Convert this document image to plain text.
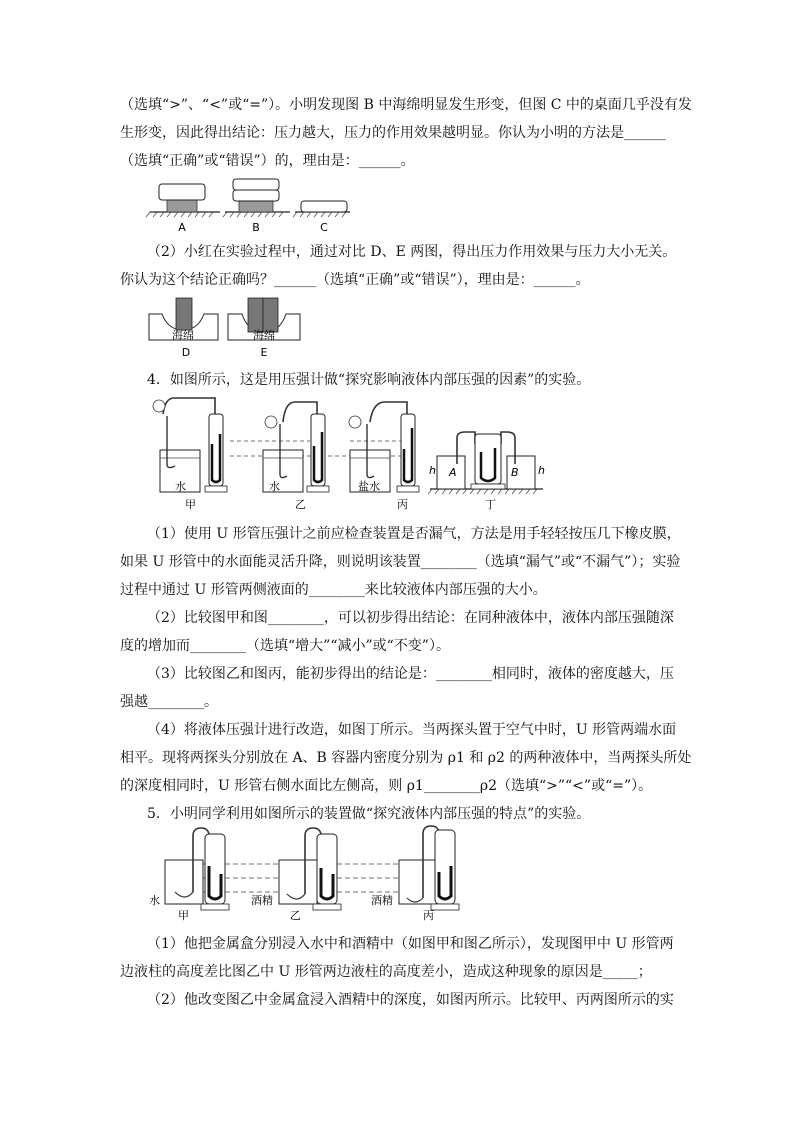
（选填“>”、“<”或“=”）。小明发现图 B 中海绵明显发生形变，但图 C 中的桌面几乎没有发
生形变，因此得出结论：压力越大，压力的作用效果越明显。你认为小明的方法是______
（选填“正确”或“错误”）的，理由是：______。
A	B	C
（2）小红在实验过程中，通过对比 D、E 两图，得出压力作用效果与压力大小无关。
你认为这个结论正确吗？______（选填“正确”或“错误”），理由是：______。
海绵
D
海绵
E
4．如图所示，这是用压强计做“探究影响液体内部压强的因素”的实验。
水
甲
水
乙
盐水
丙
A	B
h	h
丁
（1）使用 U 形管压强计之前应检查装置是否漏气，方法是用手轻轻按压几下橡皮膜，
如果 U 形管中的水面能灵活升降，则说明该装置________（选填“漏气”或“不漏气”）；实验
过程中通过 U 形管两侧液面的________来比较液体内部压强的大小。
（2）比较图甲和图________，可以初步得出结论：在同种液体中，液体内部压强随深
度的增加而________（选填“增大”“减小”或“不变”）。
（3）比较图乙和图丙，能初步得出的结论是：________相同时，液体的密度越大，压
强越________。
（4）将液体压强计进行改造，如图丁所示。当两探头置于空气中时，U 形管两端水面
相平。现将两探头分别放在 A、B 容器内密度分别为 ρ1 和 ρ2 的两种液体中，当两探头所处
的深度相同时，U 形管右侧水面比左侧高，则 ρ1________ρ2（选填“>”“<”或“=”）。
5．小明同学利用如图所示的装置做“探究液体内部压强的特点”的实验。
水
甲
酒精
乙
酒精
丙
（1）他把金属盒分别浸入水中和酒精中（如图甲和图乙所示），发现图甲中 U 形管两
边液柱的高度差比图乙中 U 形管两边液柱的高度差小，造成这种现象的原因是_____；
（2）他改变图乙中金属盒浸入酒精中的深度，如图丙所示。比较甲、丙两图所示的实
